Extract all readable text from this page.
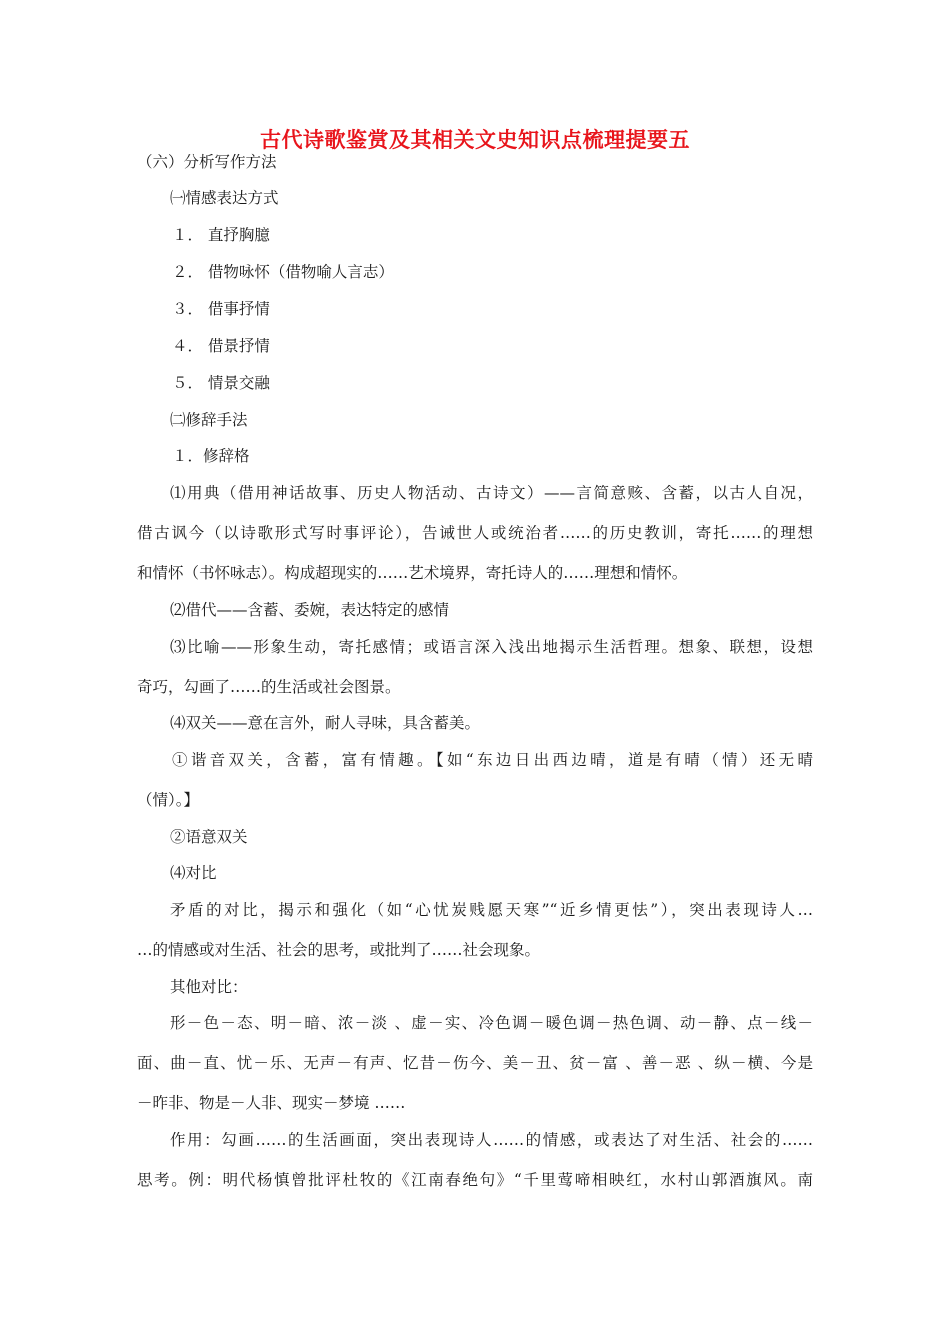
古代诗歌鉴赏及其相关文史知识点梳理提要五
（六）分析写作方法
㈠情感表达方式
１． 直抒胸臆
２． 借物咏怀（借物喻人言志）
３． 借事抒情
４． 借景抒情
５． 情景交融
㈡修辞手法
１．修辞格
⑴用典（借用神话故事、历史人物活动、古诗文）——言简意赅、含蓄，以古人自况，
借古讽今（以诗歌形式写时事评论），告诫世人或统治者……的历史教训，寄托……的理想
和情怀（书怀咏志）。构成超现实的……艺术境界，寄托诗人的……理想和情怀。
⑵借代——含蓄、委婉，表达特定的感情
⑶比喻——形象生动，寄托感情；或语言深入浅出地揭示生活哲理。想象、联想，设想
奇巧，勾画了……的生活或社会图景。
⑷双关——意在言外，耐人寻味，具含蓄美。
①谐音双关，含蓄，富有情趣。【如“东边日出西边晴，道是有晴（情）还无晴
（情）。】
②语意双关
⑷对比
矛盾的对比，揭示和强化（如“心忧炭贱愿天寒”“近乡情更怯”），突出表现诗人…
…的情感或对生活、社会的思考，或批判了……社会现象。
其他对比：
形－色－态、明－暗、浓－淡 、虚－实、冷色调－暖色调－热色调、动－静、点－线－
面、曲－直、忧－乐、无声－有声、忆昔－伤今、美－丑、贫－富 、善－恶 、纵－横、今是
－昨非、物是－人非、现实－梦境 ……
作用：勾画……的生活画面，突出表现诗人……的情感，或表达了对生活、社会的……
思考。例：明代杨慎曾批评杜牧的《江南春绝句》“千里莺啼相映红，水村山郭酒旗风。南
